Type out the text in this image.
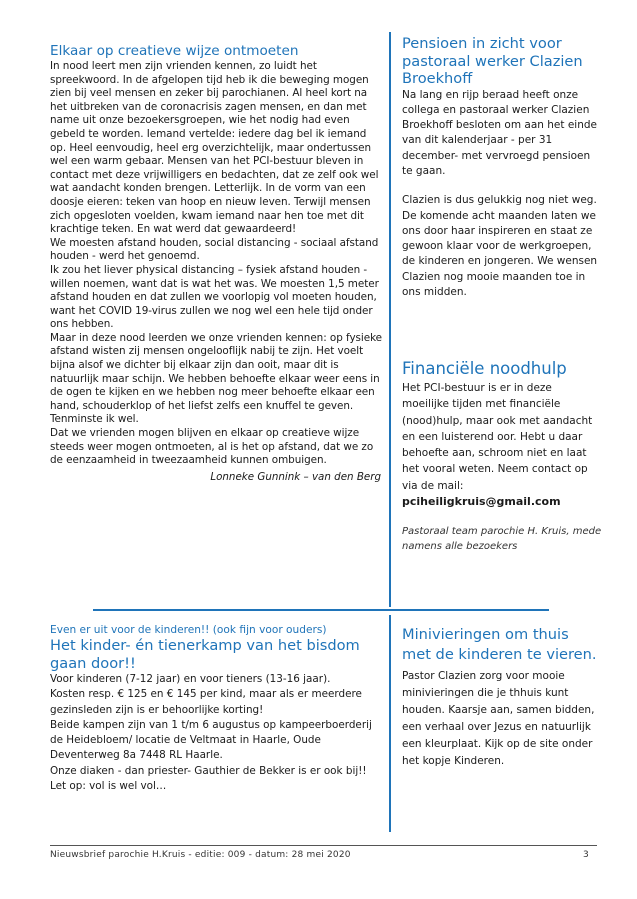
Elkaar op creatieve wijze ontmoeten

In nood leert men zijn vrienden kennen, zo luidt het spreekwoord. In de afgelopen tijd heb ik die beweging mogen zien bij veel mensen en zeker bij parochianen. Al heel kort na het uitbreken van de coronacrisis zagen mensen, en dan met name uit onze bezoekersgroepen, wie het nodig had even gebeld te worden. Iemand vertelde: iedere dag bel ik iemand op. Heel eenvoudig, heel erg overzichtelijk, maar ondertussen wel een warm gebaar. Mensen van het PCI-bestuur bleven in contact met deze vrijwilligers en bedachten, dat ze zelf ook wel wat aandacht konden brengen. Letterlijk. In de vorm van een doosje eieren: teken van hoop en nieuw leven. Terwijl mensen zich opgesloten voelden, kwam iemand naar hen toe met dit krachtige teken. En wat werd dat gewaardeerd!

We moesten afstand houden, social distancing - sociaal afstand houden - werd het genoemd.

Ik zou het liever physical distancing – fysiek afstand houden - willen noemen, want dat is wat het was. We moesten 1,5 meter afstand houden en dat zullen we voorlopig vol moeten houden, want het COVID 19-virus zullen we nog wel een hele tijd onder ons hebben.

Maar in deze nood leerden we onze vrienden kennen: op fysieke afstand wisten zij mensen ongelooflijk nabij te zijn. Het voelt bijna alsof we dichter bij elkaar zijn dan ooit, maar dit is natuurlijk maar schijn. We hebben behoefte elkaar weer eens in de ogen te kijken en we hebben nog meer behoefte elkaar een hand, schouderklop of het liefst zelfs een knuffel te geven. Tenminste ik wel.

Dat we vrienden mogen blijven en elkaar op creatieve wijze steeds weer mogen ontmoeten, al is het op afstand, dat we zo de eenzaamheid in tweezaamheid kunnen ombuigen.

Lonneke Gunnink – van den Berg

Pensioen in zicht voor pastoraal werker Clazien Broekhoff

Na lang en rijp beraad heeft onze collega en pastoraal werker Clazien Broekhoff besloten om aan het einde van dit kalenderjaar - per 31 december- met vervroegd pensioen te gaan.

Clazien is dus gelukkig nog niet weg. De komende acht maanden laten we ons door haar inspireren en staat ze gewoon klaar voor de werkgroepen, de kinderen en jongeren. We wensen Clazien nog mooie maanden toe in ons midden.

Financiële noodhulp

Het PCI-bestuur is er in deze moeilijke tijden met financiële (nood)hulp, maar ook met aandacht en een luisterend oor. Hebt u daar behoefte aan, schroom niet en laat het vooral weten. Neem contact op via de mail:

pciheiligkruis@gmail.com

Pastoraal team parochie H. Kruis, mede namens alle bezoekers

Even er uit voor de kinderen!! (ook fijn voor ouders)
Het kinder- én tienerkamp van het bisdom gaan door!!

Voor kinderen (7-12 jaar) en voor tieners (13-16 jaar).

Kosten resp. € 125 en € 145 per kind, maar als er meerdere gezinsleden zijn is er behoorlijke korting!

Beide kampen zijn van 1 t/m 6 augustus op kampeerboerderij de Heidebloem/ locatie de Veltmaat in Haarle, Oude Deventerweg 8a 7448 RL Haarle.

Onze diaken - dan priester- Gauthier de Bekker is er ook bij!!

Let op: vol is wel vol…

Minivieringen om thuis met de kinderen te vieren.

Pastor Clazien zorg voor mooie minivieringen die je thhuis kunt houden. Kaarsje aan, samen bidden, een verhaal over Jezus en natuurlijk een kleurplaat. Kijk op de site onder het kopje Kinderen.

Nieuwsbrief parochie H.Kruis - editie: 009 - datum: 28 mei 2020	3
